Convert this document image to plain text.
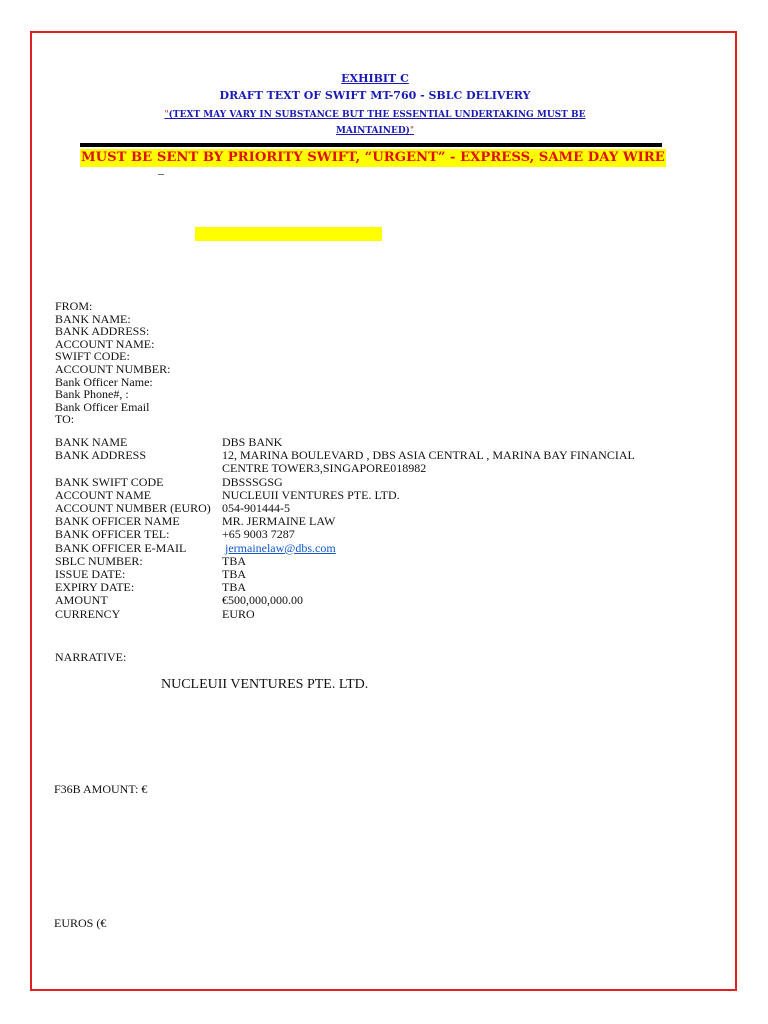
EXHIBIT C
DRAFT TEXT OF SWIFT MT-760 - SBLC DELIVERY
"(TEXT MAY VARY IN SUBSTANCE BUT THE ESSENTIAL UNDERTAKING MUST BE
MAINTAINED)"
MUST BE SENT BY PRIORITY SWIFT, “URGENT” - EXPRESS, SAME DAY WIRE
–
FROM:
BANK NAME:
BANK ADDRESS:
ACCOUNT NAME:
SWIFT CODE:
ACCOUNT NUMBER:
Bank Officer Name:
Bank Phone#, :
Bank Officer Email
TO:
BANK NAME	DBS BANK
BANK ADDRESS	12, MARINA BOULEVARD , DBS ASIA CENTRAL , MARINA BAY FINANCIAL CENTRE TOWER3,SINGAPORE018982
BANK SWIFT CODE	DBSSSGSG
ACCOUNT NAME	NUCLEUII VENTURES PTE. LTD.
ACCOUNT NUMBER (EURO) 054-901444-5
BANK OFFICER NAME	MR. JERMAINE LAW
BANK OFFICER TEL:	+65 9003 7287
BANK OFFICER E-MAIL	jermainelaw@dbs.com
SBLC NUMBER:	TBA
ISSUE DATE:	TBA
EXPIRY DATE:	TBA
AMOUNT	€500,000,000.00
CURRENCY	EURO
NARRATIVE:
NUCLEUII VENTURES PTE. LTD.
F36B AMOUNT: €
EUROS (€
